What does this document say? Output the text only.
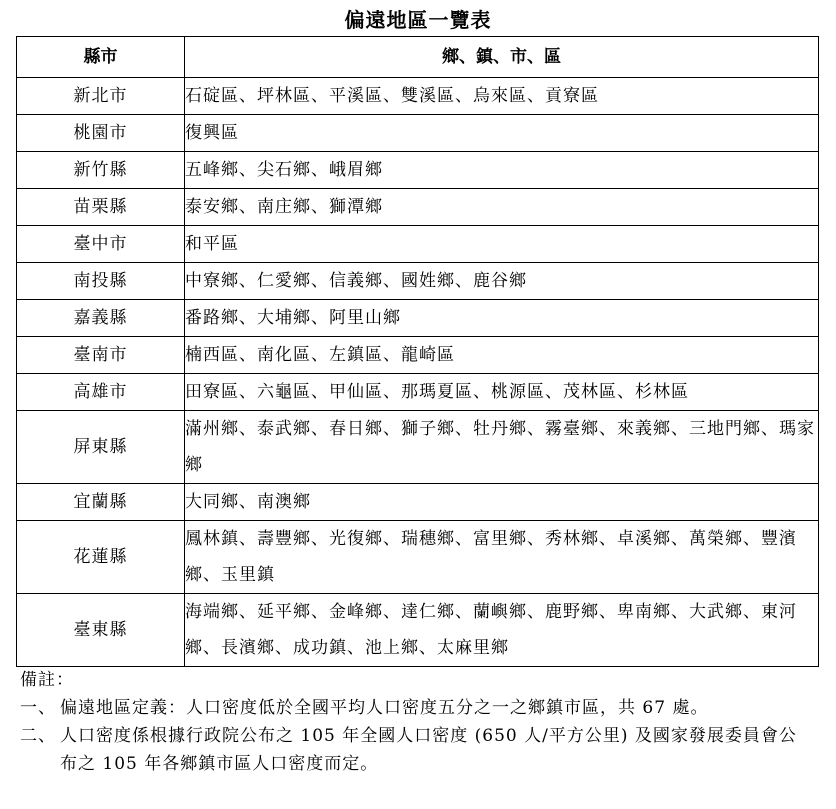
偏遠地區一覽表
縣市	鄉、鎮、市、區
新北市	石碇區、坪林區、平溪區、雙溪區、烏來區、貢寮區
桃園市	復興區
新竹縣	五峰鄉、尖石鄉、峨眉鄉
苗栗縣	泰安鄉、南庄鄉、獅潭鄉
臺中市	和平區
南投縣	中寮鄉、仁愛鄉、信義鄉、國姓鄉、鹿谷鄉
嘉義縣	番路鄉、大埔鄉、阿里山鄉
臺南市	楠西區、南化區、左鎮區、龍崎區
高雄市	田寮區、六龜區、甲仙區、那瑪夏區、桃源區、茂林區、杉林區
屏東縣	滿州鄉、泰武鄉、春日鄉、獅子鄉、牡丹鄉、霧臺鄉、來義鄉、三地門鄉、瑪家鄉
宜蘭縣	大同鄉、南澳鄉
花蓮縣	鳳林鎮、壽豐鄉、光復鄉、瑞穗鄉、富里鄉、秀林鄉、卓溪鄉、萬榮鄉、豐濱鄉、玉里鎮
臺東縣	海端鄉、延平鄉、金峰鄉、達仁鄉、蘭嶼鄉、鹿野鄉、卑南鄉、大武鄉、東河鄉、長濱鄉、成功鎮、池上鄉、太麻里鄉

備註：

一、 偏遠地區定義：人口密度低於全國平均人口密度五分之一之鄉鎮市區，共 67 處。

二、 人口密度係根據行政院公布之 105 年全國人口密度 (650 人/平方公里) 及國家發展委員會公布之 105 年各鄉鎮市區人口密度而定。
